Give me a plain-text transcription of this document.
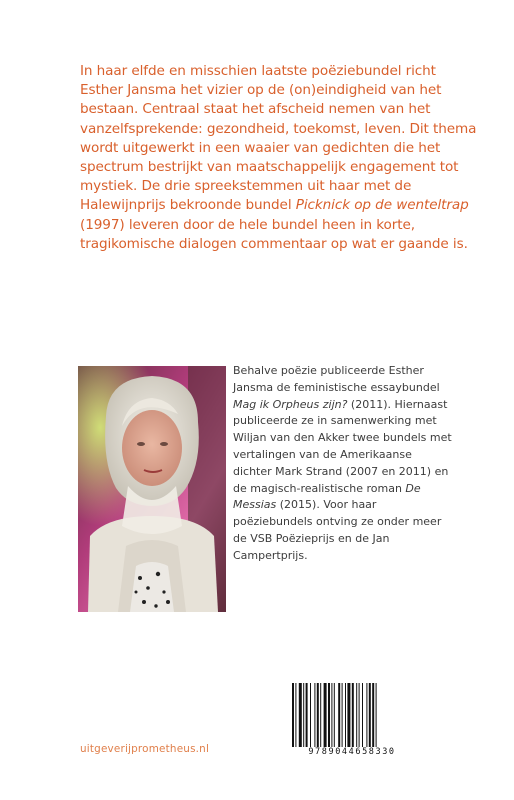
In haar elfde en misschien laatste poëziebundel richt Esther Jansma het vizier op de (on)eindigheid van het bestaan. Centraal staat het afscheid nemen van het vanzelfsprekende: gezondheid, toekomst, leven. Dit thema wordt uitgewerkt in een waaier van gedichten die het spectrum bestrijkt van maatschappelijk engagement tot mystiek. De drie spreekstemmen uit haar met de Halewijnprijs bekroonde bundel Picknick op de wenteltrap (1997) leveren door de hele bundel heen in korte, tragikomische dialogen commentaar op wat er gaande is.

Behalve poëzie publiceerde Esther Jansma de feministische essaybundel Mag ik Orpheus zijn? (2011). Hiernaast publiceerde ze in samenwerking met Wiljan van den Akker twee bundels met vertalingen van de Amerikaanse dichter Mark Strand (2007 en 2011) en de magisch-realistische roman De Messias (2015). Voor haar poëziebundels ontving ze onder meer de VSB Poëzieprijs en de Jan Campertprijs.

9789044658330
uitgeverijprometheus.nl
